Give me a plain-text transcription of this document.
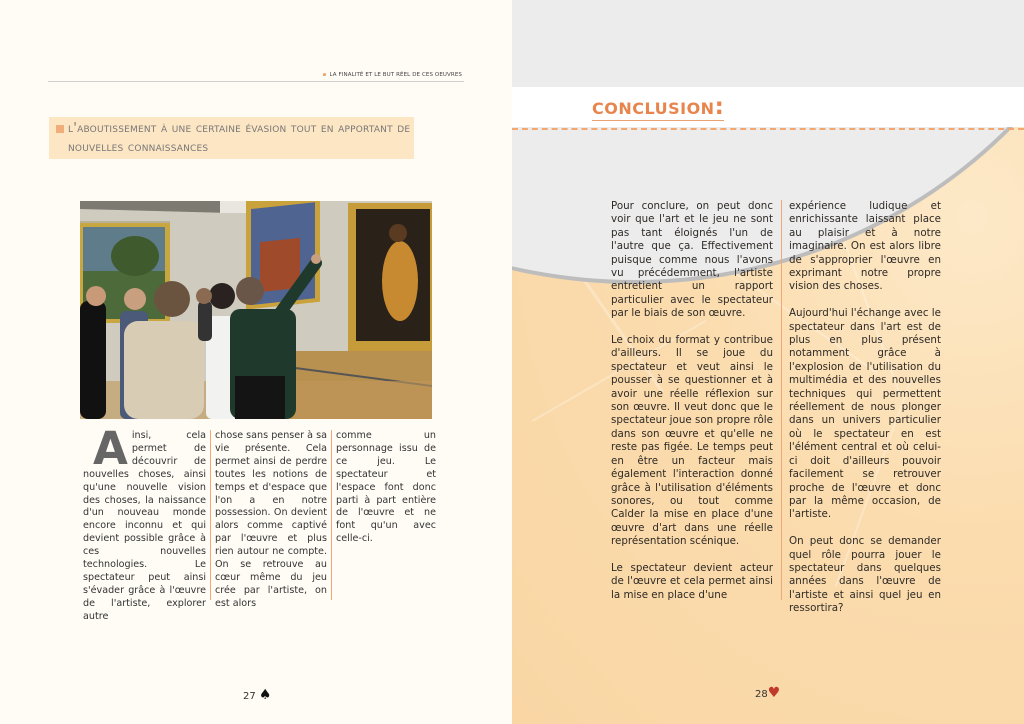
▪ LA FINALITÉ ET LE BUT RÉEL DE CES OEUVRES
l'aboutissement à une certaine évasion tout en apportant de nouvelles connaissances

Ainsi, cela permet de découvrir de nouvelles choses, ainsi qu'une nouvelle vision des choses, la naissance d'un nouveau monde encore inconnu et qui devient possible grâce à ces nouvelles technologies. Le spectateur peut ainsi s'évader grâce à l'œuvre de l'artiste, explorer autre

chose sans penser à sa vie présente. Cela permet ainsi de perdre toutes les notions de temps et d'espace que l'on a en notre possession. On devient alors comme captivé par l'œuvre et plus rien autour ne compte. On se retrouve au cœur même du jeu crée par l'artiste, on est alors

comme un personnage issu de ce jeu. Le spectateur et l'espace font donc parti à part entière de l'œuvre et ne font qu'un avec celle-ci.

27 ♠
conclusion:

Pour conclure, on peut donc voir que l'art et le jeu ne sont pas tant éloignés l'un de l'autre que ça. Effectivement puisque comme nous l'avons vu précédemment, l'artiste entretient un rapport particulier avec le spectateur par le biais de son œuvre.

Le choix du format y contribue d'ailleurs. Il se joue du spectateur et veut ainsi le pousser à se questionner et à avoir une réelle réflexion sur son œuvre. Il veut donc que le spectateur joue son propre rôle dans son œuvre et qu'elle ne reste pas figée. Le temps peut en être un facteur mais également l'interaction donné grâce à l'utilisation d'éléments sonores, ou tout comme Calder la mise en place d'une œuvre d'art dans une réelle représentation scénique.

Le spectateur devient acteur de l'œuvre et cela permet ainsi la mise en place d'une

expérience ludique et enrichissante laissant place au plaisir et à notre imaginaire. On est alors libre de s'approprier l'œuvre en exprimant notre propre vision des choses.

Aujourd'hui l'échange avec le spectateur dans l'art est de plus en plus présent notamment grâce à l'explosion de l'utilisation du multimédia et des nouvelles techniques qui permettent réellement de nous plonger dans un univers particulier où le spectateur en est l'élément central et où celui-ci doit d'ailleurs pouvoir facilement se retrouver proche de l'œuvre et donc par la même occasion, de l'artiste.

On peut donc se demander quel rôle pourra jouer le spectateur dans quelques années dans l'œuvre de l'artiste et ainsi quel jeu en ressortira?

28♥
